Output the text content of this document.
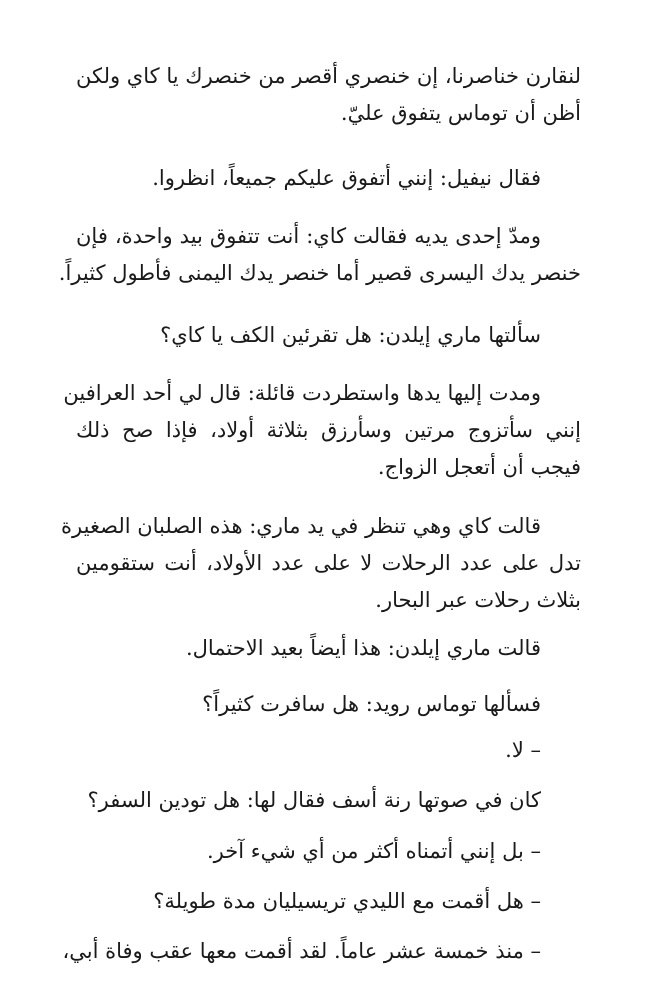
لنقارن خناصرنا، إن خنصري أقصر من خنصرك يا كاي ولكن
أظن أن توماس يتفوق عليّ.

فقال نيفيل: إنني أتفوق عليكم جميعاً، انظروا.

ومدّ إحدى يديه فقالت كاي: أنت تتفوق بيد واحدة، فإن
خنصر يدك اليسرى قصير أما خنصر يدك اليمنى فأطول كثيراً.

سألتها ماري إيلدن: هل تقرئين الكف يا كاي؟

ومدت إليها يدها واستطردت قائلة: قال لي أحد العرافين
إنني سأتزوج مرتين وسأرزق بثلاثة أولاد، فإذا صح ذلك
فيجب أن أتعجل الزواج.

قالت كاي وهي تنظر في يد ماري: هذه الصلبان الصغيرة
تدل على عدد الرحلات لا على عدد الأولاد، أنت ستقومين
بثلاث رحلات عبر البحار.

قالت ماري إيلدن: هذا أيضاً بعيد الاحتمال.

فسألها توماس رويد: هل سافرت كثيراً؟

– لا.

كان في صوتها رنة أسف فقال لها: هل تودين السفر؟

– بل إنني أتمناه أكثر من أي شيء آخر.

– هل أقمت مع الليدي تريسيليان مدة طويلة؟

– منذ خمسة عشر عاماً. لقد أقمت معها عقب وفاة أبي،
